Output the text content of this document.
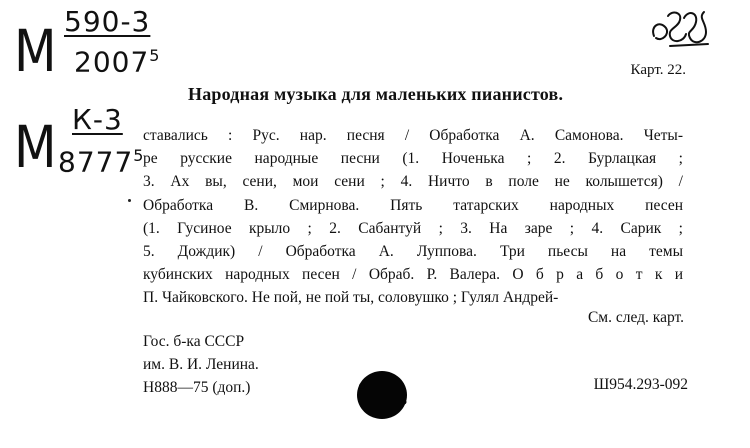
М 590-3
2007$^5$
М К-3
8777$^5$
Карт. 22.
Народная музыка для маленьких пианистов.
ставались : Рус. нар. песня / Обработка А. Самонова. Четы-
ре русские народные песни (1. Ноченька ; 2. Бурлацкая ;
3. Ах вы, сени, мои сени ; 4. Ничто в поле не колышется) /
Обработка В. Смирнова. Пять татарских народных песен
(1. Гусиное крыло ; 2. Сабантуй ; 3. На заре ; 4. Сарик ;
5. Дождик) / Обработка А. Луппова. Три пьесы на темы
кубинских народных песен / Обраб. Р. Валера. О б р а б о т к и
П. Чайковского. Не пой, не пой ты, соловушко ; Гулял Андрей-
См. след. карт.
Гос. б-ка СССР
им. В. И. Ленина.
Н888—75 (доп.)	Ш954.293-092
